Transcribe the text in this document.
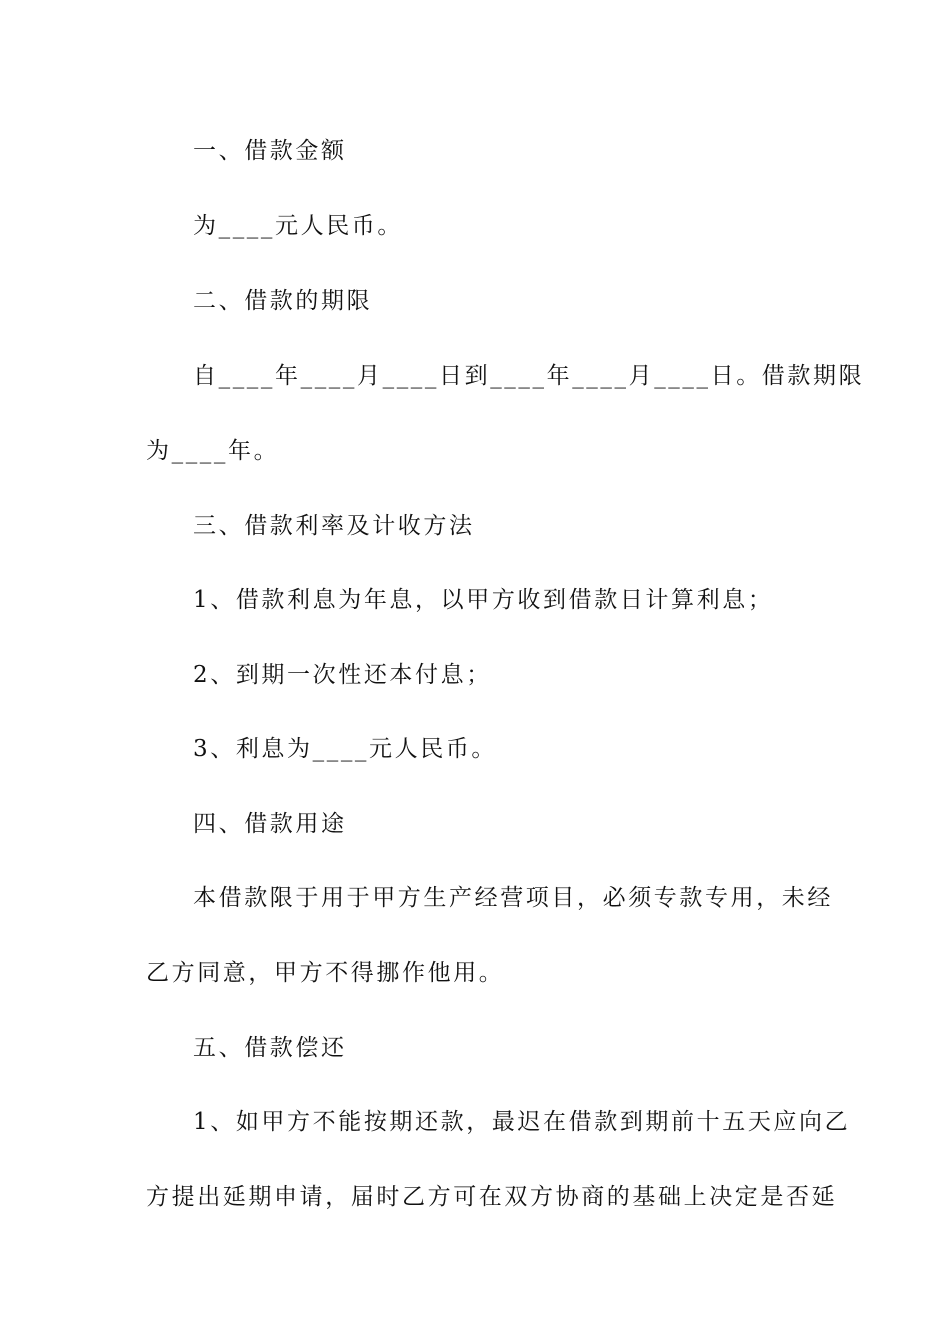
一、借款金额
为____元人民币。
二、借款的期限
自____年____月____日到____年____月____日。借款期限
为____年。
三、借款利率及计收方法
1、借款利息为年息，以甲方收到借款日计算利息；
2、到期一次性还本付息；
3、利息为____元人民币。
四、借款用途
本借款限于用于甲方生产经营项目，必须专款专用，未经
乙方同意，甲方不得挪作他用。
五、借款偿还
1、如甲方不能按期还款，最迟在借款到期前十五天应向乙
方提出延期申请，届时乙方可在双方协商的基础上决定是否延
